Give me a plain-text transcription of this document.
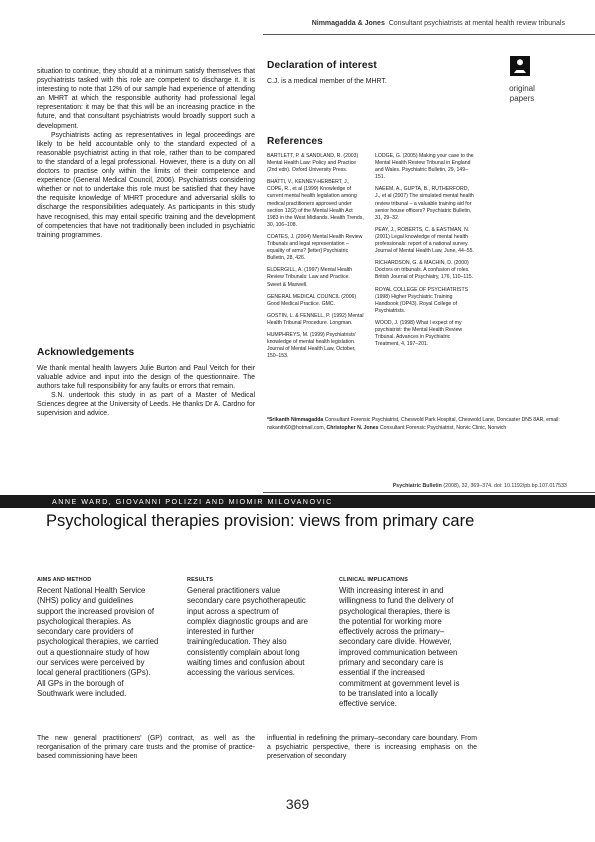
Nimmagadda & Jones Consultant psychiatrists at mental health review tribunals

situation to continue, they should at a minimum satisfy themselves that psychiatrists tasked with this role are competent to discharge it. It is interesting to note that 12% of our sample had experience of attending an MHRT at which the responsible authority had professional legal representation: it may be that this will be an increasing practice in the future, and that consultant psychiatrists would broadly support such a development.

Psychiatrists acting as representatives in legal proceedings are likely to be held accountable only to the standard expected of a reasonable psychiatrist acting in that role, rather than to be compared to the standard of a legal professional. However, there is a duty on all doctors to practise only within the limits of their competence and experience (General Medical Council, 2006). Psychiatrists considering whether or not to undertake this role must be satisfied that they have the requisite knowledge of MHRT procedure and adversarial skills to discharge the responsibilities adequately. As participants in this study have recognised, this may entail specific training and the development of competencies that have not traditionally been included in psychiatric training programmes.

Acknowledgements

We thank mental health lawyers Julie Burton and Paul Veitch for their valuable advice and input into the design of the questionnaire. The authors take full responsibility for any faults or errors that remain.

S.N. undertook this study in as part of a Master of Medical Sciences degree at the University of Leeds. He thanks Dr A. Cardno for supervision and advice.

Declaration of interest
C.J. is a medical member of the MHRT.
original
papers
References

BARTLETT, P. & SANDLAND, R. (2003) Mental Health Law: Policy and Practice (2nd edn). Oxford University Press.

BHATTI, V., KENNEY-HERBERT, J., COPE, R., et al (1999) Knowledge of current mental health legislation among medical practitioners approved under section 12(2) of the Mental Health Act 1983 in the West Midlands. Health Trends, 30, 106–108.

COATES, J. (2004) Mental Health Review Tribunals and legal representation – equality of arms? [letter] Psychiatric Bulletin, 28, 426.

ELDERGILL, A. (1997) Mental Health Review Tribunals: Law and Practice. Sweet & Maxwell.

GENERAL MEDICAL COUNCIL (2006) Good Medical Practice. GMC.

GOSTIN, L. & FENNELL, P. (1992) Mental Health Tribunal Procedure. Longman.

HUMPHREYS, M. (1999) Psychiatrists' knowledge of mental health legislation. Journal of Mental Health Law, October, 150–153.

LODGE, G. (2005) Making your case to the Mental Health Review Tribunal in England and Wales. Psychiatric Bulletin, 29, 149–151.

NAEEM, A., GUPTA, B., RUTHERFORD, J., et al (2007) The simulated mental health review tribunal – a valuable training aid for senior house officers? Psychiatric Bulletin, 31, 29–32.

PEAY, J., ROBERTS, C. & EASTMAN, N. (2001) Legal knowledge of mental health professionals: report of a national survey. Journal of Mental Health Law, June, 44–55.

RICHARDSON, G. & MACHIN, D. (2000) Doctors on tribunals. A confusion of roles. British Journal of Psychiatry, 176, 110–115.

ROYAL COLLEGE OF PSYCHIATRISTS (1998) Higher Psychiatric Training Handbook (OP43). Royal College of Psychiatrists.

WOOD, J. (1998) What I expect of my psychiatrist: the Mental Health Review Tribunal. Advances in Psychiatric Treatment, 4, 197–201.

*Srikanth Nimmagadda Consultant Forensic Psychiatrist, Cheswold Park Hospital, Cheswold Lane, Doncaster DN5 8AR, email: nskanth60@hotmail.com, Christopher N. Jones Consultant Forensic Psychiatrist, Norvic Clinic, Norwich
Psychiatric Bulletin (2008), 32, 369–374. doi: 10.1192/pb.bp.107.017533
ANNE WARD, GIOVANNI POLIZZI AND MIOMIR MILOVANOVIC
Psychological therapies provision: views from primary care
AIMS AND METHOD

Recent National Health Service (NHS) policy and guidelines support the increased provision of psychological therapies. As secondary care providers of psychological therapies, we carried out a questionnaire study of how our services were perceived by local general practitioners (GPs). All GPs in the borough of Southwark were included.

RESULTS

General practitioners value secondary care psychotherapeutic input across a spectrum of complex diagnostic groups and are interested in further training/education. They also consistently complain about long waiting times and confusion about accessing the various services.

CLINICAL IMPLICATIONS

With increasing interest in and willingness to fund the delivery of psychological therapies, there is the potential for working more effectively across the primary–secondary care divide. However, improved communication between primary and secondary care is essential if the increased commitment at government level is to be translated into a locally effective service.

The new general practitioners' (GP) contract, as well as the reorganisation of the primary care trusts and the promise of practice-based commissioning have been
influential in redefining the primary–secondary care boundary. From a psychiatric perspective, there is increasing emphasis on the preservation of secondary
369
